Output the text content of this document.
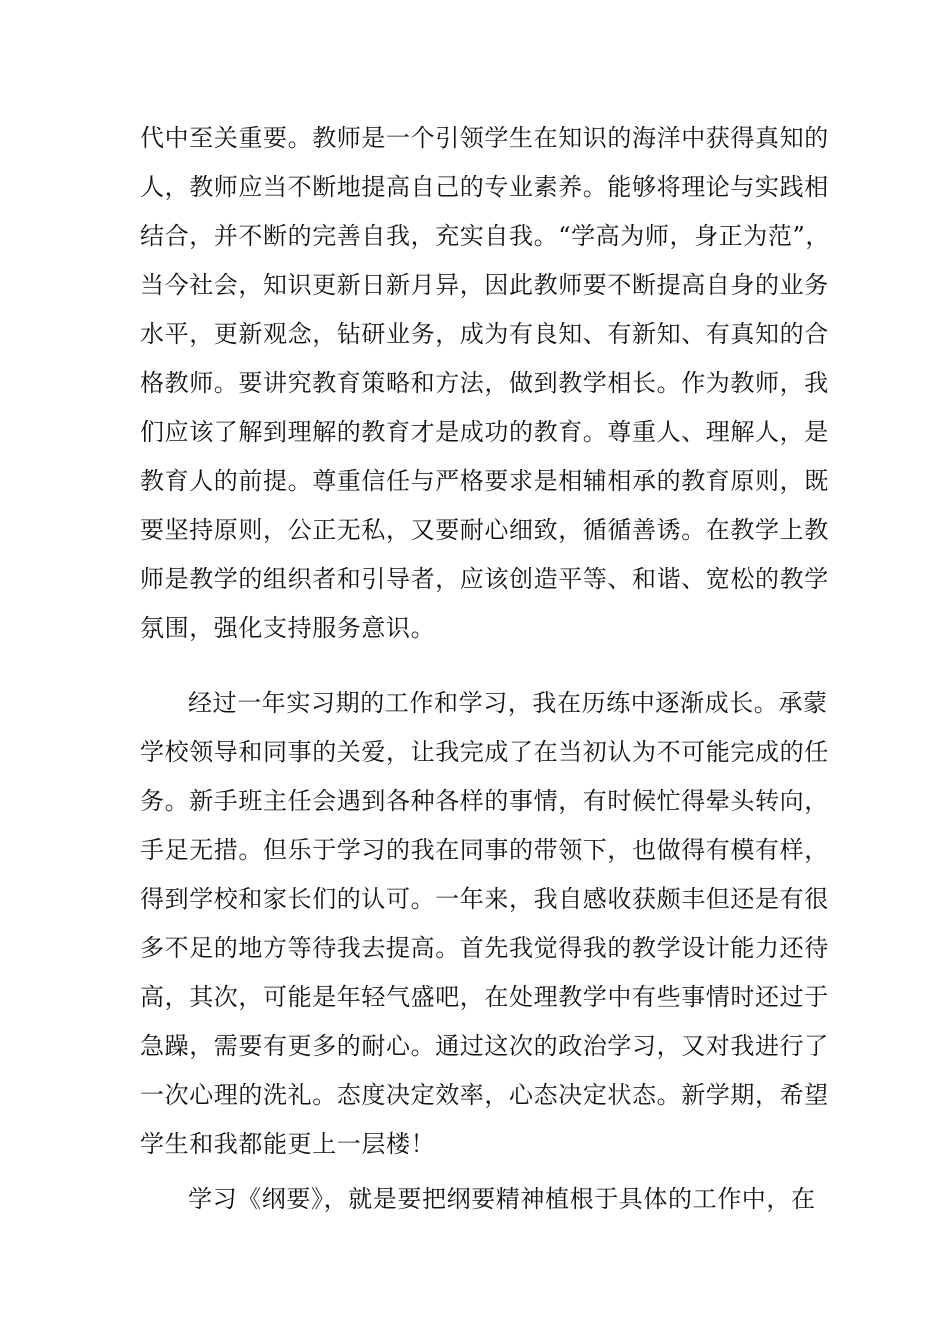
代中至关重要。教师是一个引领学生在知识的海洋中获得真知的
人，教师应当不断地提高自己的专业素养。能够将理论与实践相
结合，并不断的完善自我，充实自我。“学高为师，身正为范”，
当今社会，知识更新日新月异，因此教师要不断提高自身的业务
水平，更新观念，钻研业务，成为有良知、有新知、有真知的合
格教师。要讲究教育策略和方法，做到教学相长。作为教师，我
们应该了解到理解的教育才是成功的教育。尊重人、理解人，是
教育人的前提。尊重信任与严格要求是相辅相承的教育原则，既
要坚持原则，公正无私，又要耐心细致，循循善诱。在教学上教
师是教学的组织者和引导者，应该创造平等、和谐、宽松的教学
氛围，强化支持服务意识。
经过一年实习期的工作和学习，我在历练中逐渐成长。承蒙
学校领导和同事的关爱，让我完成了在当初认为不可能完成的任
务。新手班主任会遇到各种各样的事情，有时候忙得晕头转向，
手足无措。但乐于学习的我在同事的带领下，也做得有模有样，
得到学校和家长们的认可。一年来，我自感收获颇丰但还是有很
多不足的地方等待我去提高。首先我觉得我的教学设计能力还待
高，其次，可能是年轻气盛吧，在处理教学中有些事情时还过于
急躁，需要有更多的耐心。通过这次的政治学习，又对我进行了
一次心理的洗礼。态度决定效率，心态决定状态。新学期，希望
学生和我都能更上一层楼！
学习《纲要》，就是要把纲要精神植根于具体的工作中，在
